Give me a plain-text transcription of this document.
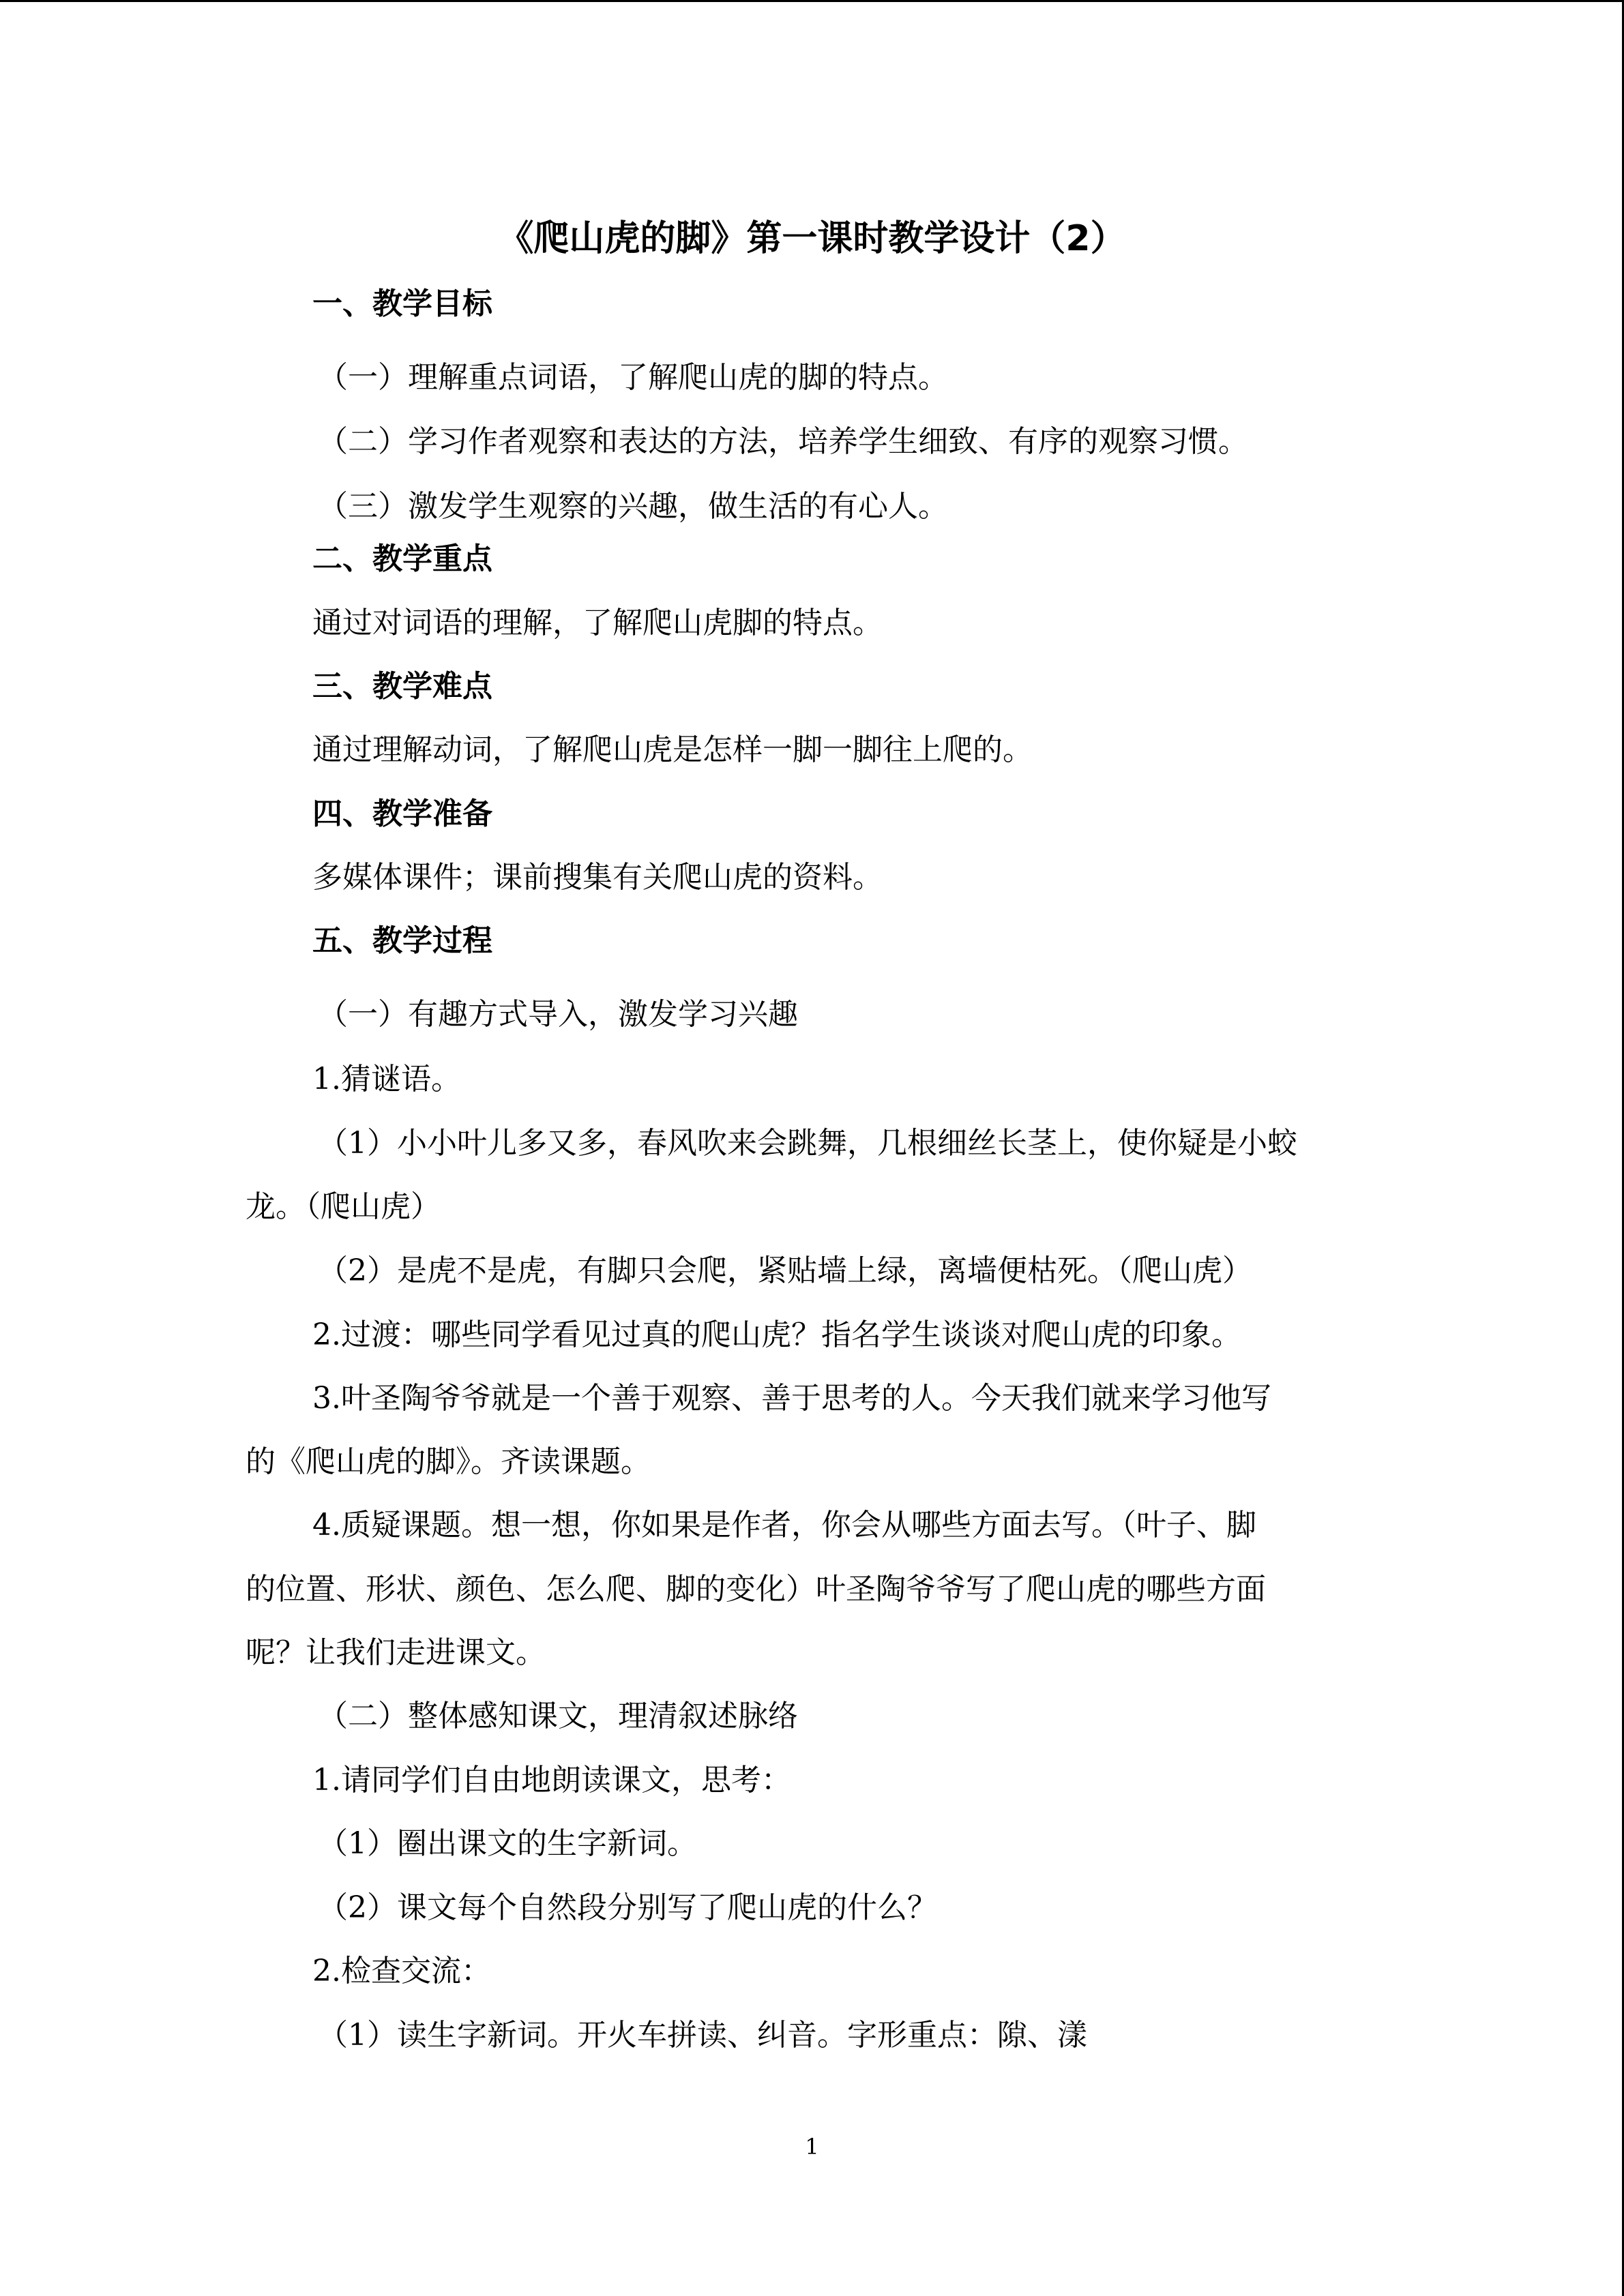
《爬山虎的脚》第一课时教学设计（2）
一、教学目标
（一）理解重点词语，了解爬山虎的脚的特点。
（二）学习作者观察和表达的方法，培养学生细致、有序的观察习惯。
（三）激发学生观察的兴趣，做生活的有心人。
二、教学重点
通过对词语的理解，了解爬山虎脚的特点。
三、教学难点
通过理解动词，了解爬山虎是怎样一脚一脚往上爬的。
四、教学准备
多媒体课件；课前搜集有关爬山虎的资料。
五、教学过程
（一）有趣方式导入，激发学习兴趣
1.猜谜语。
（1）小小叶儿多又多，春风吹来会跳舞，几根细丝长茎上，使你疑是小蛟
龙。（爬山虎）
（2）是虎不是虎，有脚只会爬，紧贴墙上绿，离墙便枯死。（爬山虎）
2.过渡：哪些同学看见过真的爬山虎？指名学生谈谈对爬山虎的印象。
3.叶圣陶爷爷就是一个善于观察、善于思考的人。今天我们就来学习他写
的《爬山虎的脚》。齐读课题。
4.质疑课题。想一想，你如果是作者，你会从哪些方面去写。（叶子、脚
的位置、形状、颜色、怎么爬、脚的变化）叶圣陶爷爷写了爬山虎的哪些方面
呢？让我们走进课文。
（二）整体感知课文，理清叙述脉络
1.请同学们自由地朗读课文，思考：
（1）圈出课文的生字新词。
（2）课文每个自然段分别写了爬山虎的什么？
2.检查交流：
（1）读生字新词。开火车拼读、纠音。字形重点：隙、漾
1
